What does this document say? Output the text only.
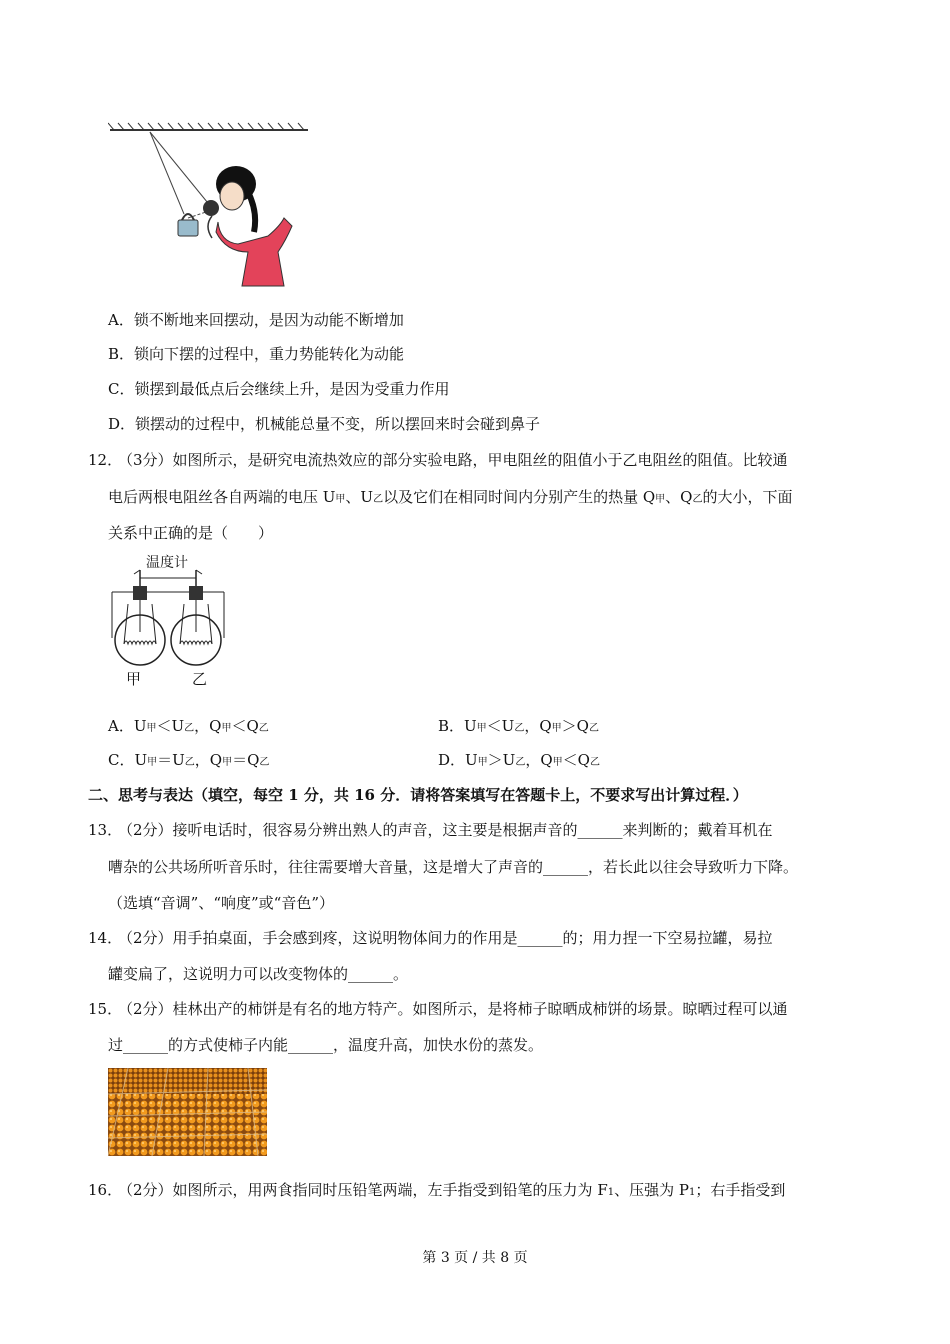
A．锁不断地来回摆动，是因为动能不断增加
B．锁向下摆的过程中，重力势能转化为动能
C．锁摆到最低点后会继续上升，是因为受重力作用
D．锁摆动的过程中，机械能总量不变，所以摆回来时会碰到鼻子
12．
（3分）如图所示，是研究电流热效应的部分实验电路，甲电阻丝的阻值小于乙电阻丝的阻值。比较通
电后两根电阻丝各自两端的电压 U甲、U乙以及它们在相同时间内分别产生的热量 Q甲、Q乙的大小，下面
关系中正确的是（　　）
温度计
甲	乙
A．U甲＜U乙，Q甲＜Q乙	B．U甲＜U乙，Q甲＞Q乙
C．U甲＝U乙，Q甲＝Q乙	D．U甲＞U乙，Q甲＜Q乙
二、思考与表达（填空，每空 1 分，共 16 分．请将答案填写在答题卡上，不要求写出计算过程．）
13．
（2分）接听电话时，很容易分辨出熟人的声音，这主要是根据声音的______来判断的；戴着耳机在
嘈杂的公共场所听音乐时，往往需要增大音量，这是增大了声音的______，若长此以往会导致听力下降。
（选填“音调”、“响度”或“音色”）
14．
（2分）用手拍桌面，手会感到疼，这说明物体间力的作用是______的；用力捏一下空易拉罐，易拉
罐变扁了，这说明力可以改变物体的______。
15．
（2分）桂林出产的柿饼是有名的地方特产。如图所示，是将柿子晾晒成柿饼的场景。晾晒过程可以通
过______的方式使柿子内能______，温度升高，加快水份的蒸发。
16．
（2分）如图所示，用两食指同时压铅笔两端，左手指受到铅笔的压力为 F1、压强为 P1；右手指受到
第 3 页 / 共 8 页
